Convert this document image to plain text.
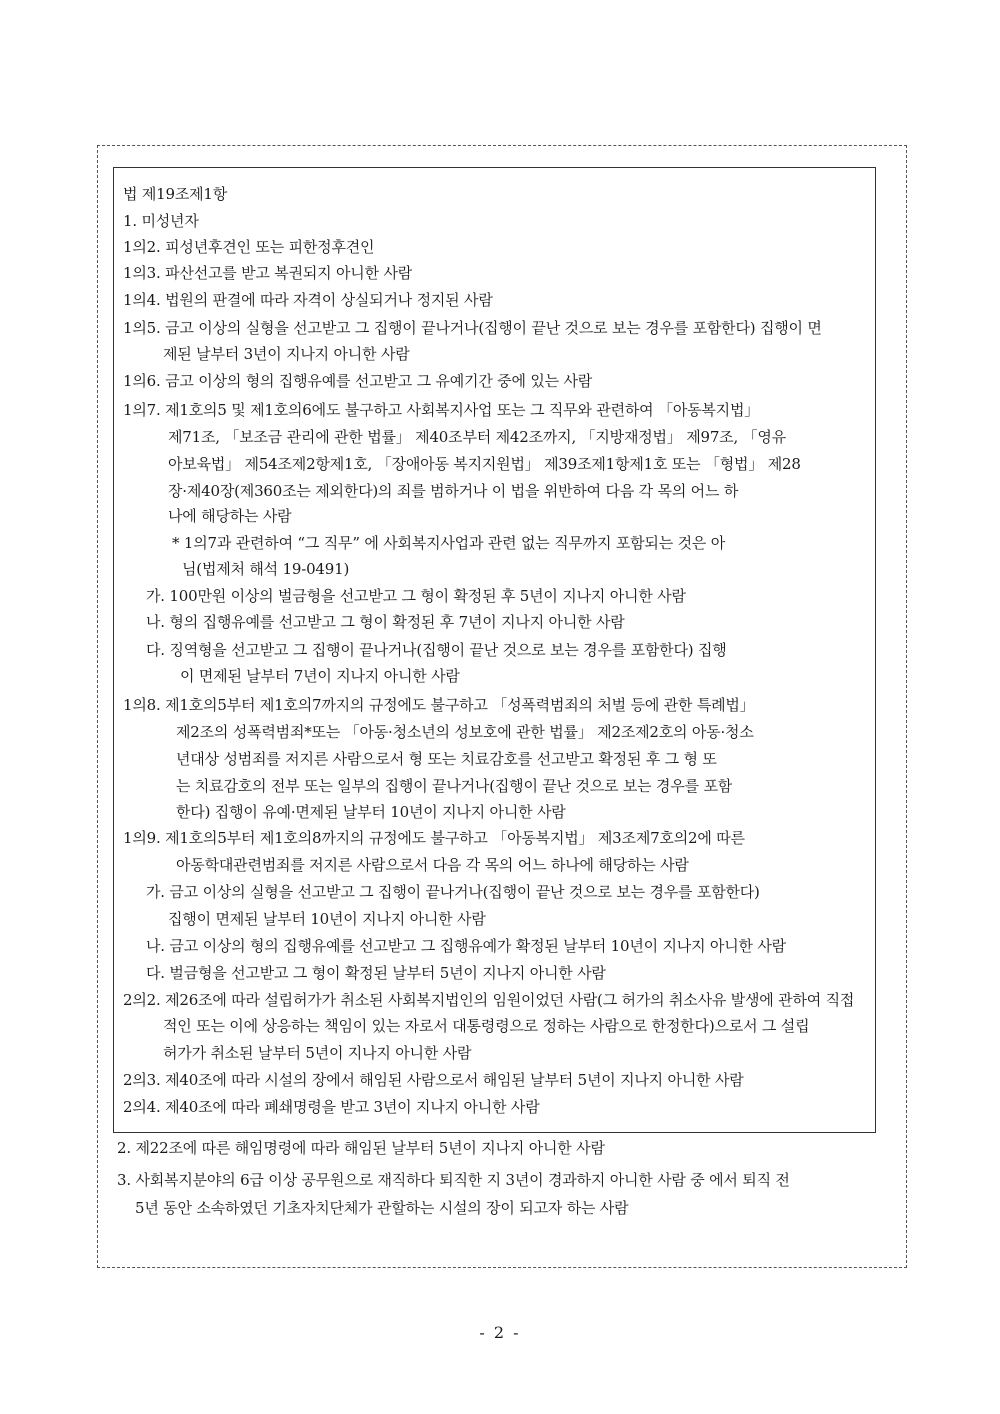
법 제19조제1항
1. 미성년자
1의2. 피성년후견인 또는 피한정후견인
1의3. 파산선고를 받고 복권되지 아니한 사람
1의4. 법원의 판결에 따라 자격이 상실되거나 정지된 사람
1의5. 금고 이상의 실형을 선고받고 그 집행이 끝나거나(집행이 끝난 것으로 보는 경우를 포함한다) 집행이 면
제된 날부터 3년이 지나지 아니한 사람
1의6. 금고 이상의 형의 집행유예를 선고받고 그 유예기간 중에 있는 사람
1의7. 제1호의5 및 제1호의6에도 불구하고 사회복지사업 또는 그 직무와 관련하여 「아동복지법」
제71조, 「보조금 관리에 관한 법률」 제40조부터 제42조까지, 「지방재정법」 제97조, 「영유
아보육법」 제54조제2항제1호, 「장애아동 복지지원법」 제39조제1항제1호 또는 「형법」 제28
장·제40장(제360조는 제외한다)의 죄를 범하거나 이 법을 위반하여 다음 각 목의 어느 하
나에 해당하는 사람
* 1의7과 관련하여 “그 직무” 에 사회복지사업과 관련 없는 직무까지 포함되는 것은 아
님(법제처 해석 19-0491)
가. 100만원 이상의 벌금형을 선고받고 그 형이 확정된 후 5년이 지나지 아니한 사람
나. 형의 집행유예를 선고받고 그 형이 확정된 후 7년이 지나지 아니한 사람
다. 징역형을 선고받고 그 집행이 끝나거나(집행이 끝난 것으로 보는 경우를 포함한다) 집행
이 면제된 날부터 7년이 지나지 아니한 사람
1의8. 제1호의5부터 제1호의7까지의 규정에도 불구하고 「성폭력범죄의 처벌 등에 관한 특례법」
제2조의 성폭력범죄*또는 「아동·청소년의 성보호에 관한 법률」 제2조제2호의 아동·청소
년대상 성범죄를 저지른 사람으로서 형 또는 치료감호를 선고받고 확정된 후 그 형 또
는 치료감호의 전부 또는 일부의 집행이 끝나거나(집행이 끝난 것으로 보는 경우를 포함
한다) 집행이 유예·면제된 날부터 10년이 지나지 아니한 사람
1의9. 제1호의5부터 제1호의8까지의 규정에도 불구하고 「아동복지법」 제3조제7호의2에 따른
아동학대관련범죄를 저지른 사람으로서 다음 각 목의 어느 하나에 해당하는 사람
가. 금고 이상의 실형을 선고받고 그 집행이 끝나거나(집행이 끝난 것으로 보는 경우를 포함한다)
집행이 면제된 날부터 10년이 지나지 아니한 사람
나. 금고 이상의 형의 집행유예를 선고받고 그 집행유예가 확정된 날부터 10년이 지나지 아니한 사람
다. 벌금형을 선고받고 그 형이 확정된 날부터 5년이 지나지 아니한 사람
2의2. 제26조에 따라 설립허가가 취소된 사회복지법인의 임원이었던 사람(그 허가의 취소사유 발생에 관하여 직접
적인 또는 이에 상응하는 책임이 있는 자로서 대통령령으로 정하는 사람으로 한정한다)으로서 그 설립
허가가 취소된 날부터 5년이 지나지 아니한 사람
2의3. 제40조에 따라 시설의 장에서 해임된 사람으로서 해임된 날부터 5년이 지나지 아니한 사람
2의4. 제40조에 따라 폐쇄명령을 받고 3년이 지나지 아니한 사람
2. 제22조에 따른 해임명령에 따라 해임된 날부터 5년이 지나지 아니한 사람
3. 사회복지분야의 6급 이상 공무원으로 재직하다 퇴직한 지 3년이 경과하지 아니한 사람 중 에서 퇴직 전
5년 동안 소속하였던 기초자치단체가 관할하는 시설의 장이 되고자 하는 사람
- 2 -
